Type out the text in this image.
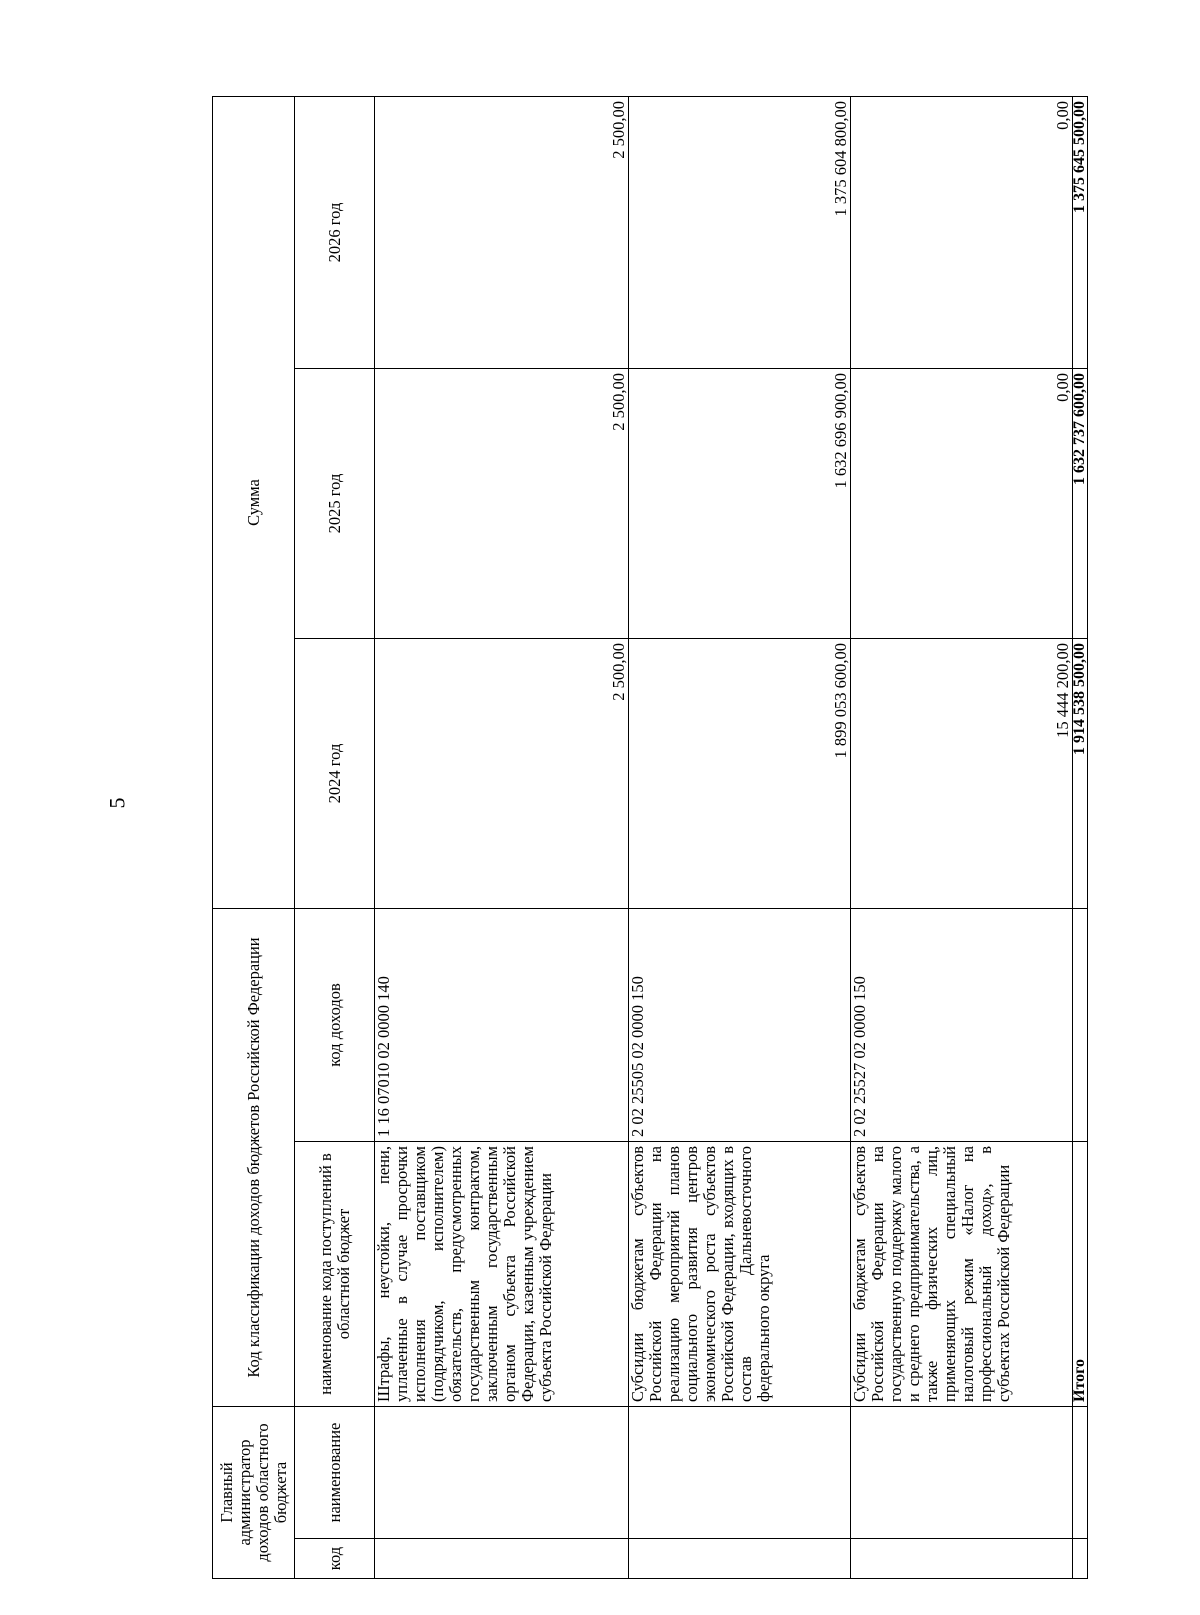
5
Главный администратор доходов областного бюджета		Код классификации доходов бюджетов Российской Федерации		Сумма		
код	наименование	наименование кода поступлений в областной бюджет	код доходов	2024 год	2025 год	2026 год
		Штрафы, неустойки, пени, уплаченные в случае просрочки исполнения поставщиком (подрядчиком, исполнителем) обязательств, предусмотренных государственным контрактом, заключенным государственным органом субъекта Российской Федерации, казенным учреждением субъекта Российской Федерации	1 16 07010 02 0000 140	2 500,00	2 500,00	2 500,00
		Субсидии бюджетам субъектов Российской Федерации на реализацию мероприятий планов социального развития центров экономического роста субъектов Российской Федерации, входящих в состав Дальневосточного федерального округа	2 02 25505 02 0000 150	1 899 053 600,00	1 632 696 900,00	1 375 604 800,00
		Субсидии бюджетам субъектов Российской Федерации на государственную поддержку малого и среднего предпринимательства, а также физических лиц, применяющих специальный налоговый режим «Налог на профессиональный доход», в субъектах Российской Федерации	2 02 25527 02 0000 150	15 444 200,00	0,00	0,00
		Итого		1 914 538 500,00	1 632 737 600,00	1 375 645 500,00
